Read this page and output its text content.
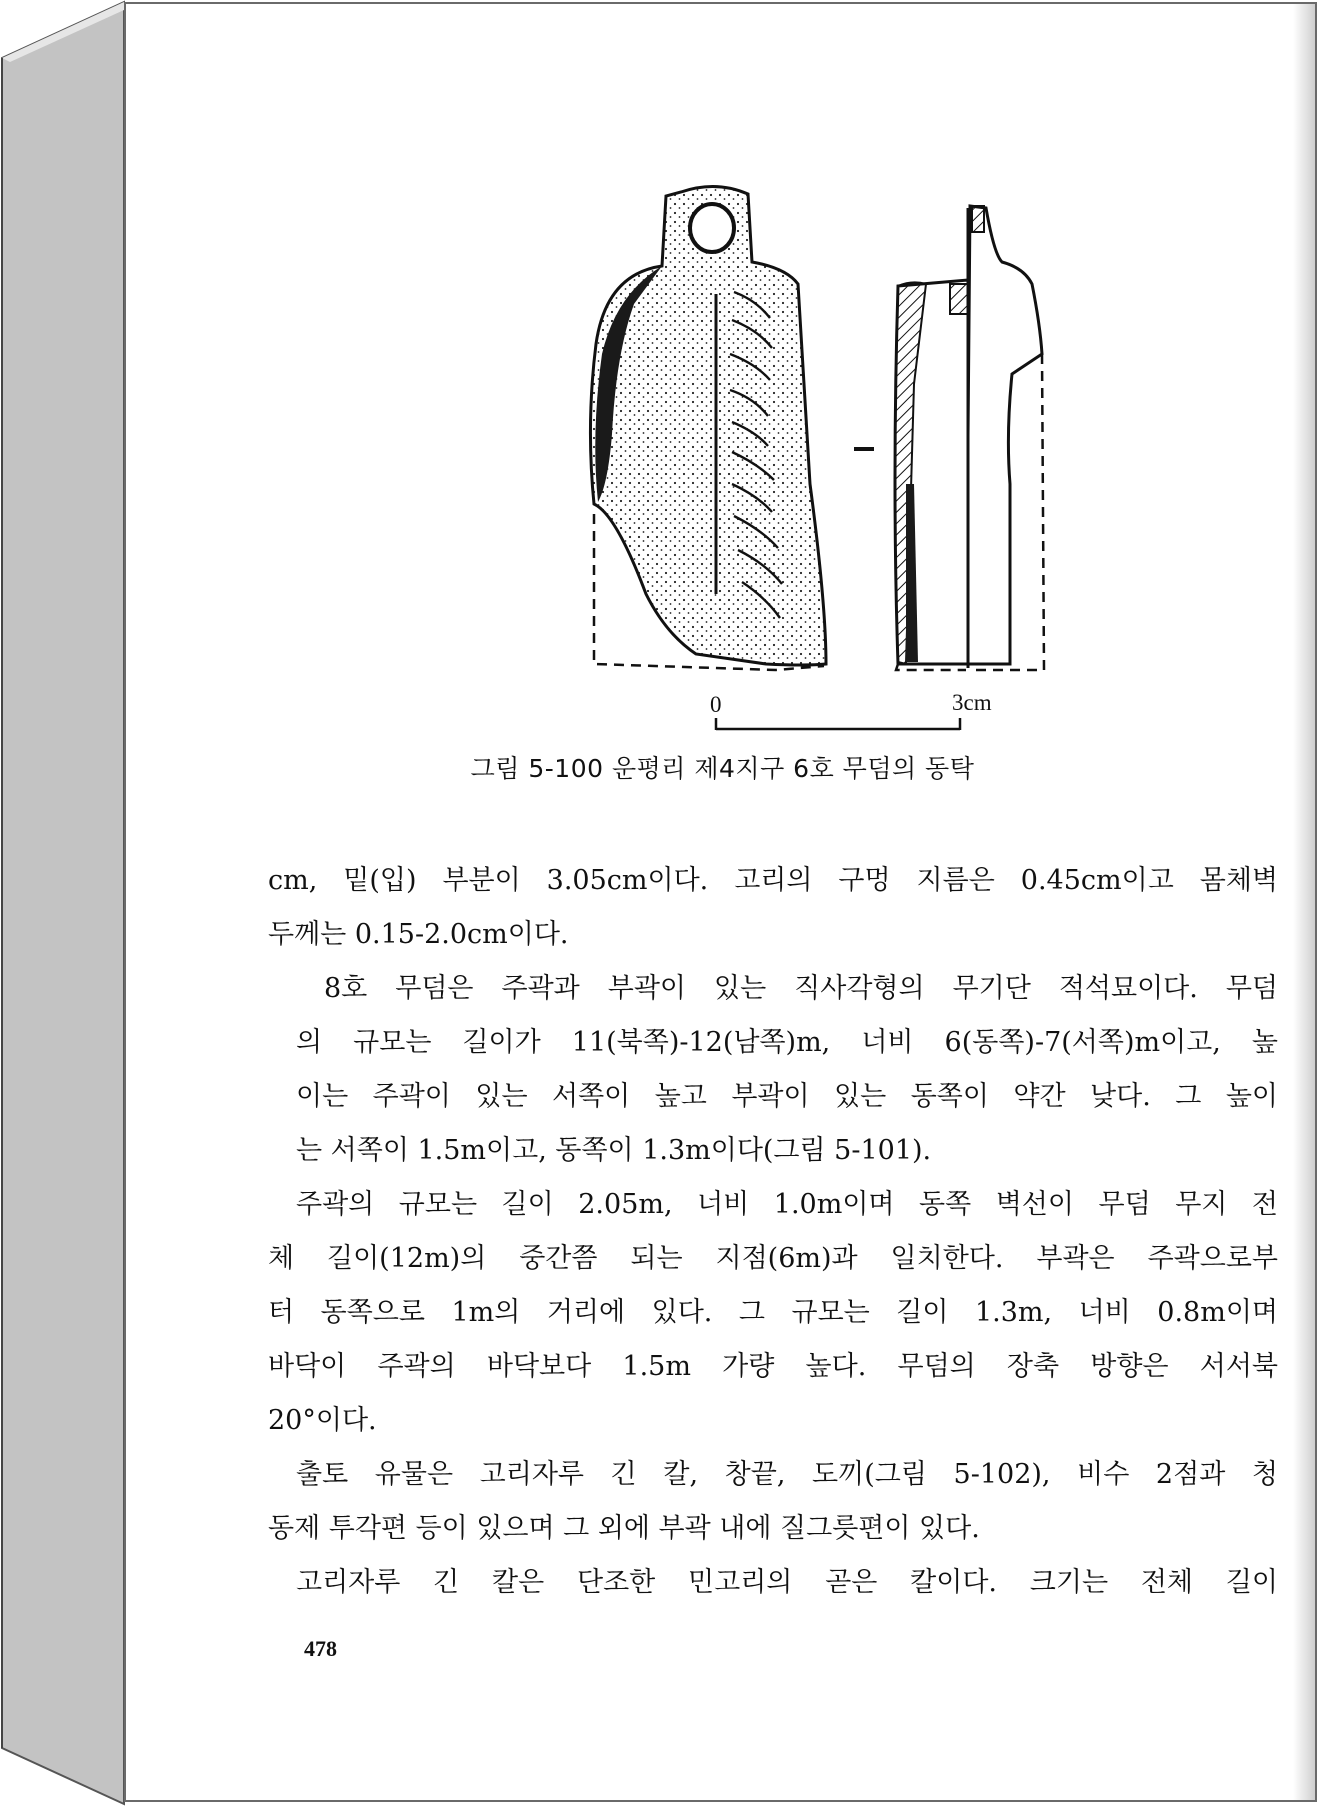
0	3cm
그림 5-100 운평리 제4지구 6호 무덤의 동탁

cm, 밑(입) 부분이 3.05cm이다. 고리의 구멍 지름은 0.45cm이고 몸체벽
두께는 0.15-2.0cm이다.

8호 무덤은 주곽과 부곽이 있는 직사각형의 무기단 적석묘이다. 무덤
의 규모는 길이가 11(북쪽)-12(남쪽)m, 너비 6(동쪽)-7(서쪽)m이고, 높
이는 주곽이 있는 서쪽이 높고 부곽이 있는 동쪽이 약간 낮다. 그 높이
는 서쪽이 1.5m이고, 동쪽이 1.3m이다(그림 5-101).

주곽의 규모는 길이 2.05m, 너비 1.0m이며 동쪽 벽선이 무덤 무지 전
체 길이(12m)의 중간쯤 되는 지점(6m)과 일치한다. 부곽은 주곽으로부
터 동쪽으로 1m의 거리에 있다. 그 규모는 길이 1.3m, 너비 0.8m이며
바닥이 주곽의 바닥보다 1.5m 가량 높다. 무덤의 장축 방향은 서서북
20°이다.

출토 유물은 고리자루 긴 칼, 창끝, 도끼(그림 5-102), 비수 2점과 청
동제 투각편 등이 있으며 그 외에 부곽 내에 질그릇편이 있다.

고리자루 긴 칼은 단조한 민고리의 곧은 칼이다. 크기는 전체 길이

478
